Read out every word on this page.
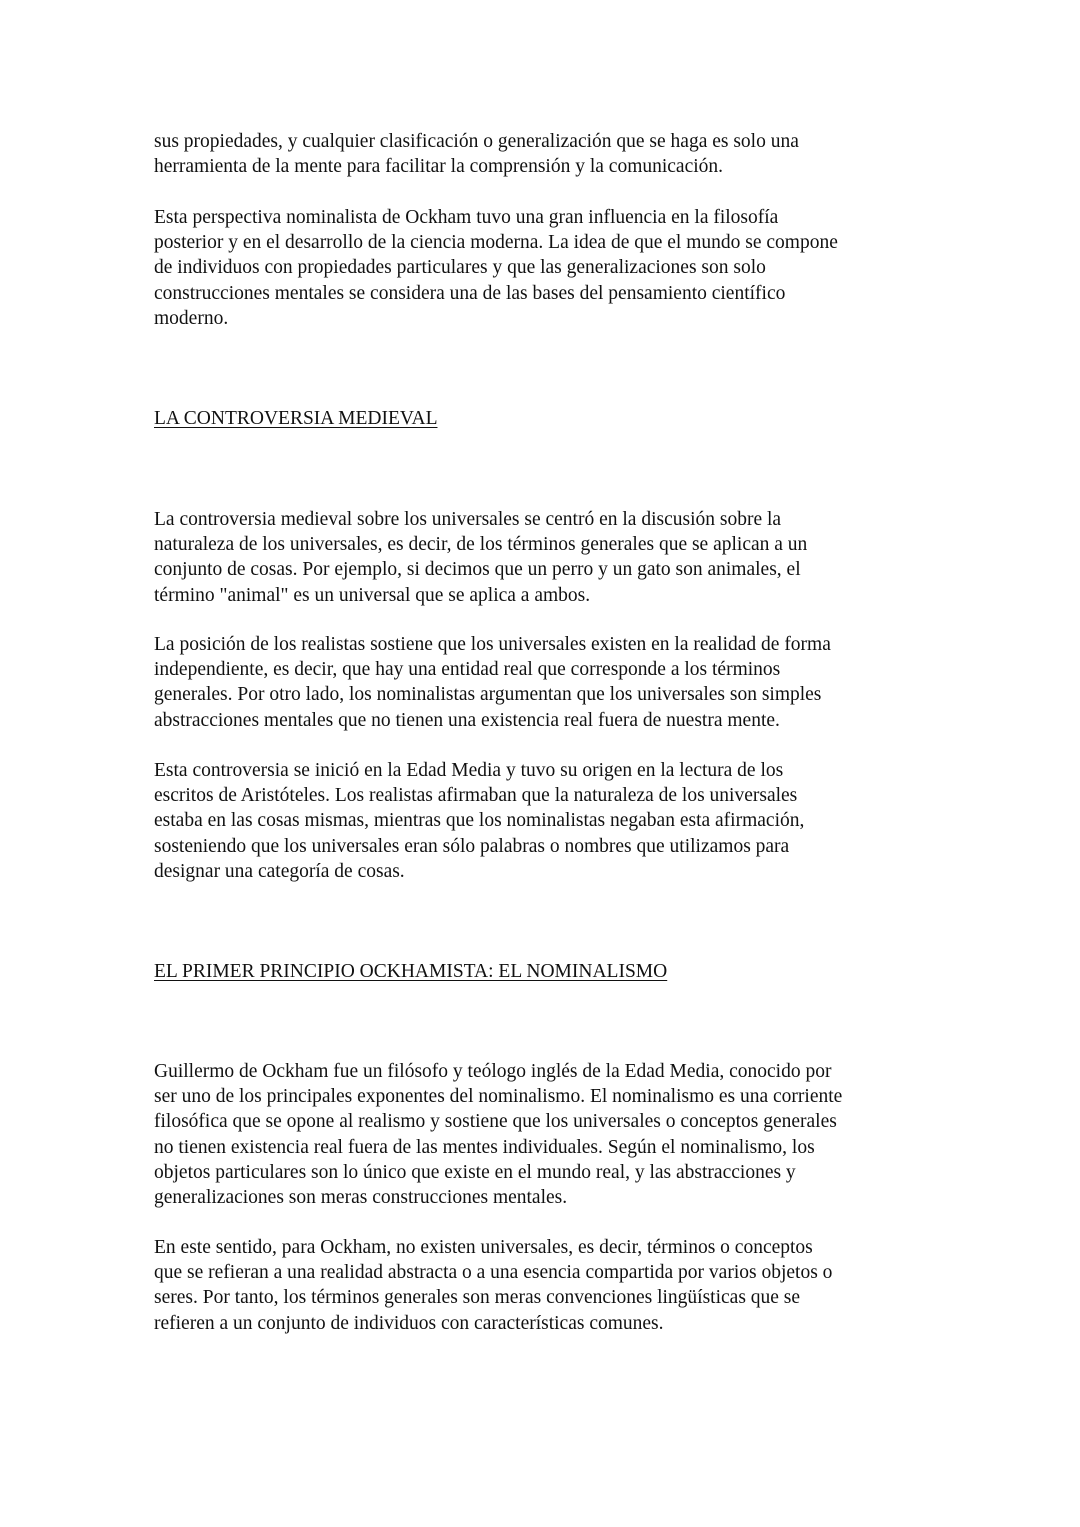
sus propiedades, y cualquier clasificación o generalización que se haga es solo una
herramienta de la mente para facilitar la comprensión y la comunicación.

Esta perspectiva nominalista de Ockham tuvo una gran influencia en la filosofía
posterior y en el desarrollo de la ciencia moderna. La idea de que el mundo se compone
de individuos con propiedades particulares y que las generalizaciones son solo
construcciones mentales se considera una de las bases del pensamiento científico
moderno.

LA CONTROVERSIA MEDIEVAL

La controversia medieval sobre los universales se centró en la discusión sobre la
naturaleza de los universales, es decir, de los términos generales que se aplican a un
conjunto de cosas. Por ejemplo, si decimos que un perro y un gato son animales, el
término "animal" es un universal que se aplica a ambos.

La posición de los realistas sostiene que los universales existen en la realidad de forma
independiente, es decir, que hay una entidad real que corresponde a los términos
generales. Por otro lado, los nominalistas argumentan que los universales son simples
abstracciones mentales que no tienen una existencia real fuera de nuestra mente.

Esta controversia se inició en la Edad Media y tuvo su origen en la lectura de los
escritos de Aristóteles. Los realistas afirmaban que la naturaleza de los universales
estaba en las cosas mismas, mientras que los nominalistas negaban esta afirmación,
sosteniendo que los universales eran sólo palabras o nombres que utilizamos para
designar una categoría de cosas.

EL PRIMER PRINCIPIO OCKHAMISTA: EL NOMINALISMO

Guillermo de Ockham fue un filósofo y teólogo inglés de la Edad Media, conocido por
ser uno de los principales exponentes del nominalismo. El nominalismo es una corriente
filosófica que se opone al realismo y sostiene que los universales o conceptos generales
no tienen existencia real fuera de las mentes individuales. Según el nominalismo, los
objetos particulares son lo único que existe en el mundo real, y las abstracciones y
generalizaciones son meras construcciones mentales.

En este sentido, para Ockham, no existen universales, es decir, términos o conceptos
que se refieran a una realidad abstracta o a una esencia compartida por varios objetos o
seres. Por tanto, los términos generales son meras convenciones lingüísticas que se
refieren a un conjunto de individuos con características comunes.
